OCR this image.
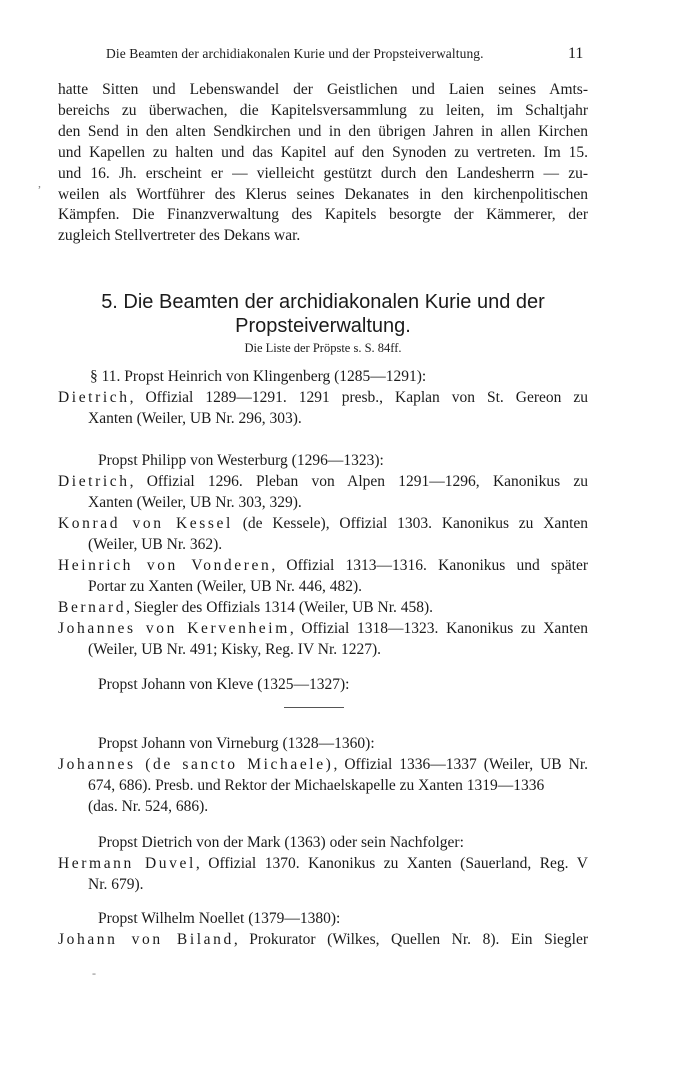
Die Beamten der archidiakonalen Kurie und der Propsteiverwaltung.	11
hatte Sitten und Lebenswandel der Geistlichen und Laien seines Amts-
bereichs zu überwachen, die Kapitelsversammlung zu leiten, im Schaltjahr
den Send in den alten Sendkirchen und in den übrigen Jahren in allen Kirchen
und Kapellen zu halten und das Kapitel auf den Synoden zu vertreten. Im 15.
und 16. Jh. erscheint er — vielleicht gestützt durch den Landesherrn — zu-
weilen als Wortführer des Klerus seines Dekanates in den kirchenpolitischen
Kämpfen. Die Finanzverwaltung des Kapitels besorgte der Kämmerer, der
zugleich Stellvertreter des Dekans war.
5. Die Beamten der archidiakonalen Kurie und der
Propsteiverwaltung.
Die Liste der Pröpste s. S. 84ff.
§ 11. Propst Heinrich von Klingenberg (1285—1291):
Dietrich, Offizial 1289—1291. 1291 presb., Kaplan von St. Gereon zu
Xanten (Weiler, UB Nr. 296, 303).
Propst Philipp von Westerburg (1296—1323):
Dietrich, Offizial 1296. Pleban von Alpen 1291—1296, Kanonikus zu
Xanten (Weiler, UB Nr. 303, 329).
Konrad von Kessel (de Kessele), Offizial 1303. Kanonikus zu Xanten
(Weiler, UB Nr. 362).
Heinrich von Vonderen, Offizial 1313—1316. Kanonikus und später
Portar zu Xanten (Weiler, UB Nr. 446, 482).
Bernard, Siegler des Offizials 1314 (Weiler, UB Nr. 458).
Johannes von Kervenheim, Offizial 1318—1323. Kanonikus zu Xanten
(Weiler, UB Nr. 491; Kisky, Reg. IV Nr. 1227).
Propst Johann von Kleve (1325—1327):
Propst Johann von Virneburg (1328—1360):
Johannes (de sancto Michaele), Offizial 1336—1337 (Weiler, UB Nr.
674, 686). Presb. und Rektor der Michaelskapelle zu Xanten 1319—1336
(das. Nr. 524, 686).
Propst Dietrich von der Mark (1363) oder sein Nachfolger:
Hermann Duvel, Offizial 1370. Kanonikus zu Xanten (Sauerland, Reg. V
Nr. 679).
Propst Wilhelm Noellet (1379—1380):
Johann von Biland, Prokurator (Wilkes, Quellen Nr. 8). Ein Siegler
,
-
